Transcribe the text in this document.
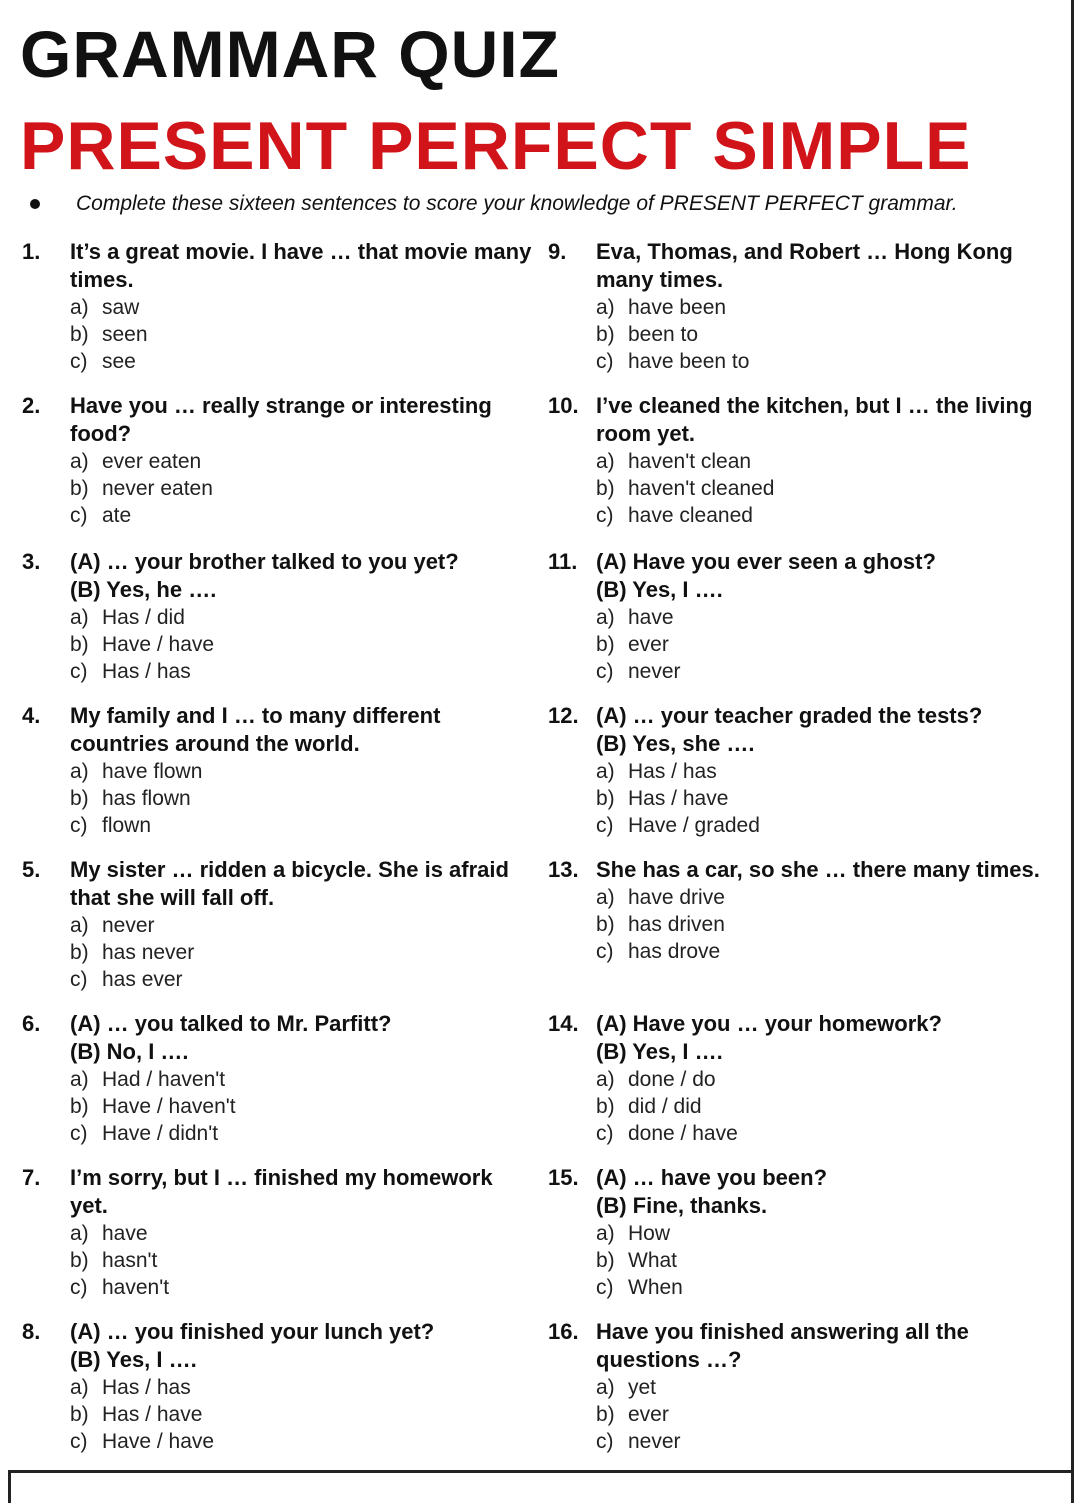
GRAMMAR QUIZ
PRESENT PERFECT SIMPLE
Complete these sixteen sentences to score your knowledge of PRESENT PERFECT grammar.
1.	It’s a great movie. I have … that movie many times.
a) saw
b) seen
c) see
2.	Have you … really strange or interesting food?
a) ever eaten
b) never eaten
c) ate
3.	(A) … your brother talked to you yet?
(B) Yes, he ….
a) Has / did
b) Have / have
c) Has / has
4.	My family and I … to many different countries around the world.
a) have flown
b) has flown
c) flown
5.	My sister … ridden a bicycle. She is afraid that she will fall off.
a) never
b) has never
c) has ever
6.	(A) … you talked to Mr. Parfitt?
(B) No, I ….
a) Had / haven't
b) Have / haven't
c) Have / didn't
7.	I’m sorry, but I … finished my homework yet.
a) have
b) hasn't
c) haven't
8.	(A) … you finished your lunch yet?
(B) Yes, I ….
a) Has / has
b) Has / have
c) Have / have
9.	Eva, Thomas, and Robert … Hong Kong many times.
a) have been
b) been to
c) have been to
10. I’ve cleaned the kitchen, but I … the living room yet.
a) haven't clean
b) haven't cleaned
c) have cleaned
11. (A) Have you ever seen a ghost?
(B) Yes, I ….
a) have
b) ever
c) never
12. (A) … your teacher graded the tests?
(B) Yes, she ….
a) Has / has
b) Has / have
c) Have / graded
13. She has a car, so she … there many times.
a) have drive
b) has driven
c) has drove
14. (A) Have you … your homework?
(B) Yes, I ….
a) done / do
b) did / did
c) done / have
15. (A) … have you been?
(B) Fine, thanks.
a) How
b) What
c) When
16. Have you finished answering all the questions …?
a) yet
b) ever
c) never
